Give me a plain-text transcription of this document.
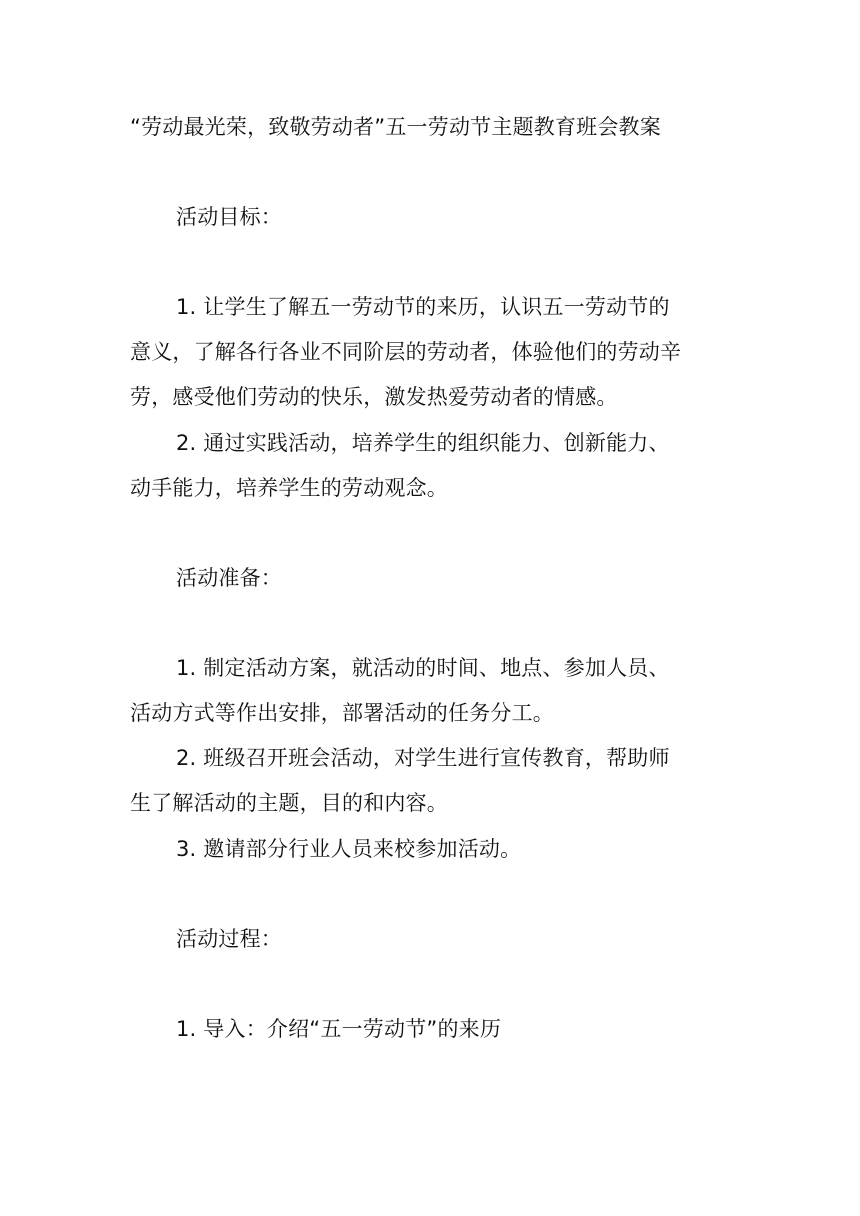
“劳动最光荣，致敬劳动者”五一劳动节主题教育班会教案
活动目标：
1. 让学生了解五一劳动节的来历，认识五一劳动节的
意义，了解各行各业不同阶层的劳动者，体验他们的劳动辛
劳，感受他们劳动的快乐，激发热爱劳动者的情感。
2. 通过实践活动，培养学生的组织能力、创新能力、
动手能力，培养学生的劳动观念。
活动准备：
1. 制定活动方案，就活动的时间、地点、参加人员、
活动方式等作出安排，部署活动的任务分工。
2. 班级召开班会活动，对学生进行宣传教育，帮助师
生了解活动的主题，目的和内容。
3. 邀请部分行业人员来校参加活动。
活动过程：
1. 导入：介绍“五一劳动节”的来历
